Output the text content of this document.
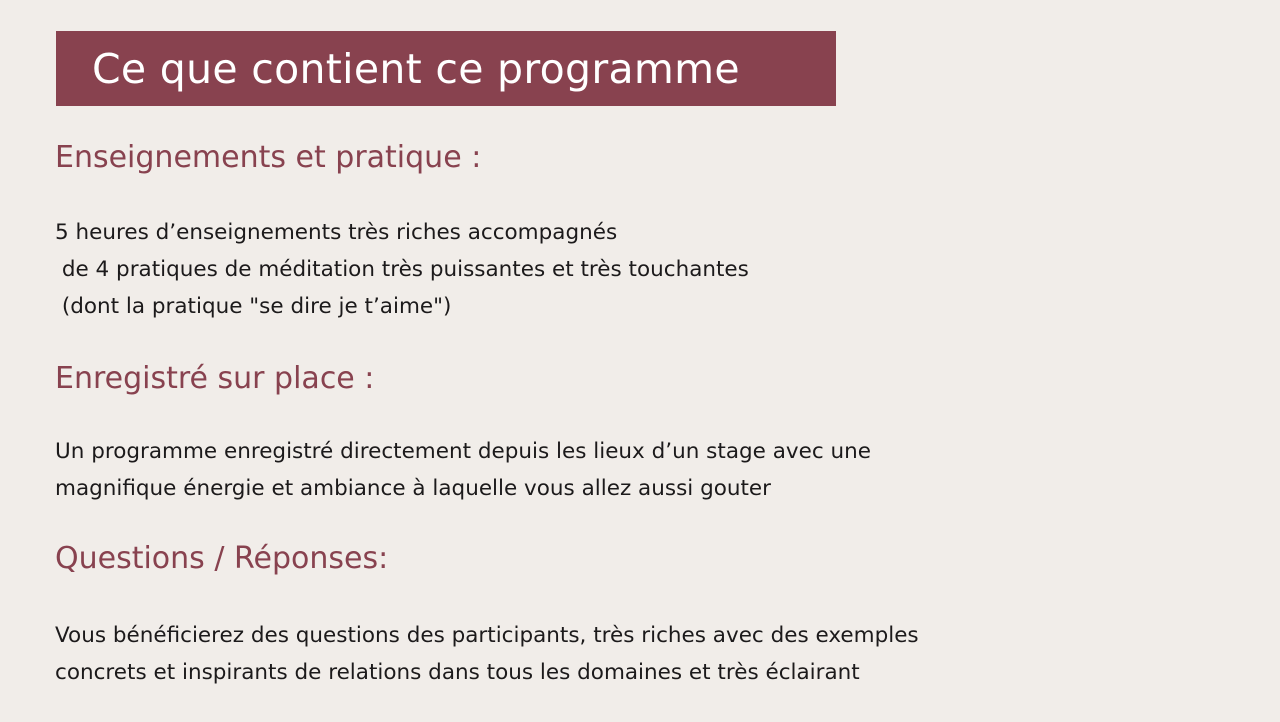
Ce que contient ce programme
Enseignements et pratique :
5 heures d’enseignements très riches accompagnés
de 4 pratiques de méditation très puissantes et très touchantes
(dont la pratique "se dire je t’aime")
Enregistré sur place :
Un programme enregistré directement depuis les lieux d’un stage avec une
magnifique énergie et ambiance à laquelle vous allez aussi gouter
Questions / Réponses:
Vous bénéficierez des questions des participants, très riches avec des exemples
concrets et inspirants de relations dans tous les domaines et très éclairant
